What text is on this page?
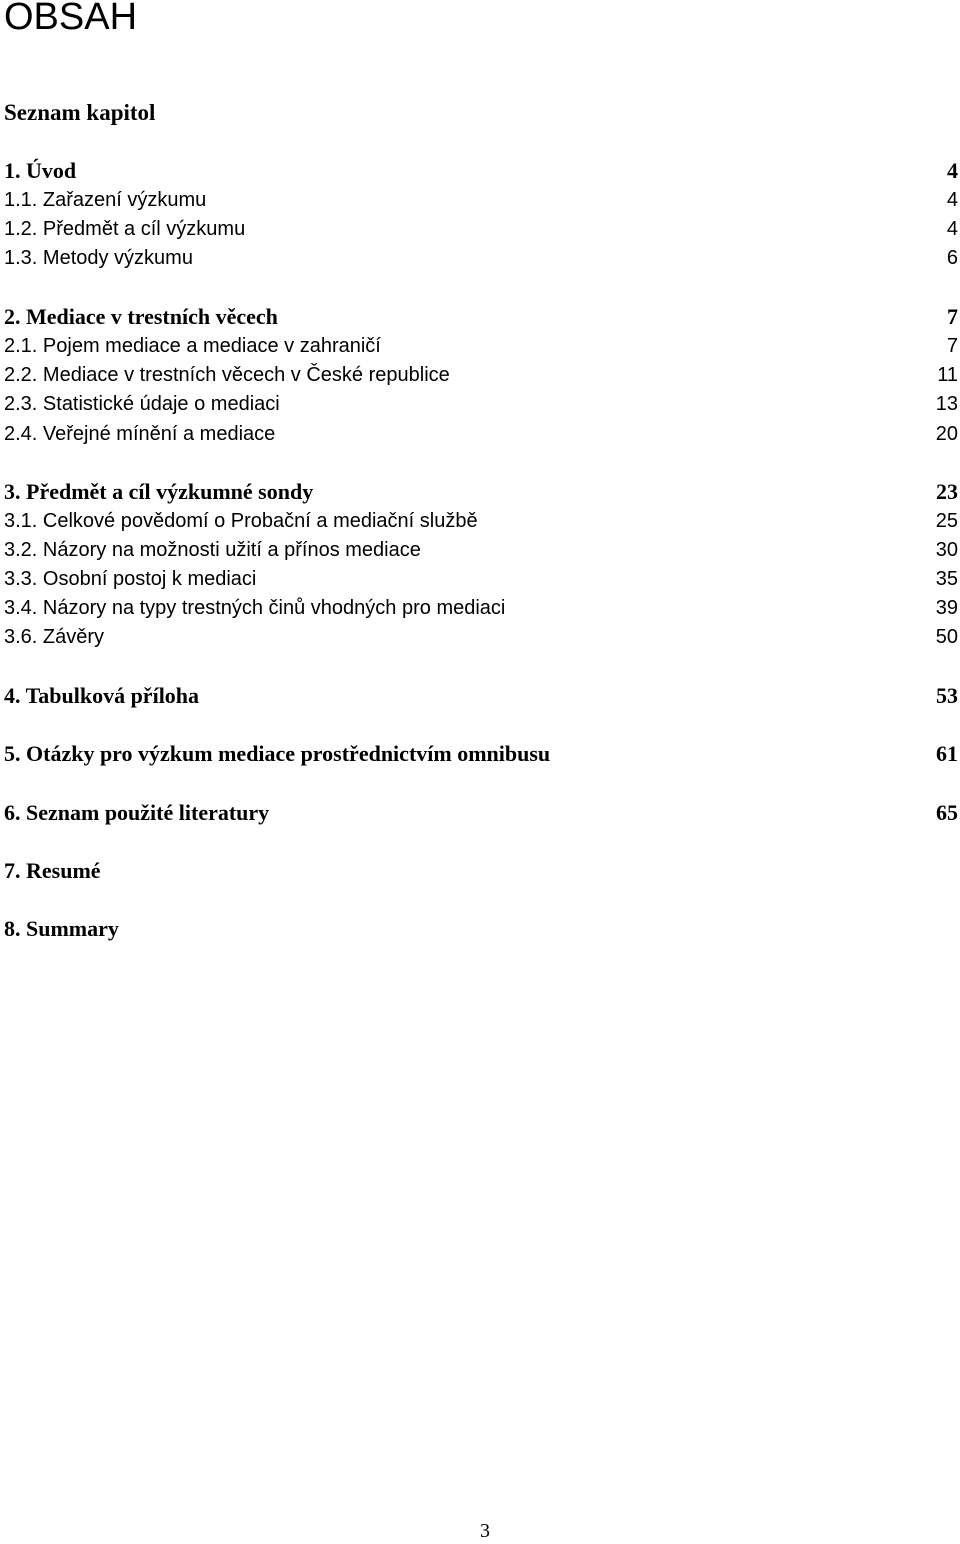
OBSAH
Seznam kapitol
1. Úvod	4
1.1. Zařazení výzkumu	4
1.2. Předmět a cíl výzkumu	4
1.3. Metody výzkumu	6
2. Mediace v trestních věcech	7
2.1. Pojem mediace a mediace v zahraničí	7
2.2. Mediace v trestních věcech v České republice	11
2.3. Statistické údaje o mediaci	13
2.4. Veřejné mínění a mediace	20
3. Předmět a cíl výzkumné sondy	23
3.1. Celkové povědomí o Probační a mediační službě	25
3.2. Názory na možnosti užití a přínos mediace	30
3.3. Osobní postoj k mediaci	35
3.4. Názory na typy trestných činů vhodných pro mediaci	39
3.6. Závěry	50
4. Tabulková příloha	53
5. Otázky pro výzkum mediace prostřednictvím omnibusu	61
6. Seznam použité literatury	65
7. Resumé
8. Summary
3
